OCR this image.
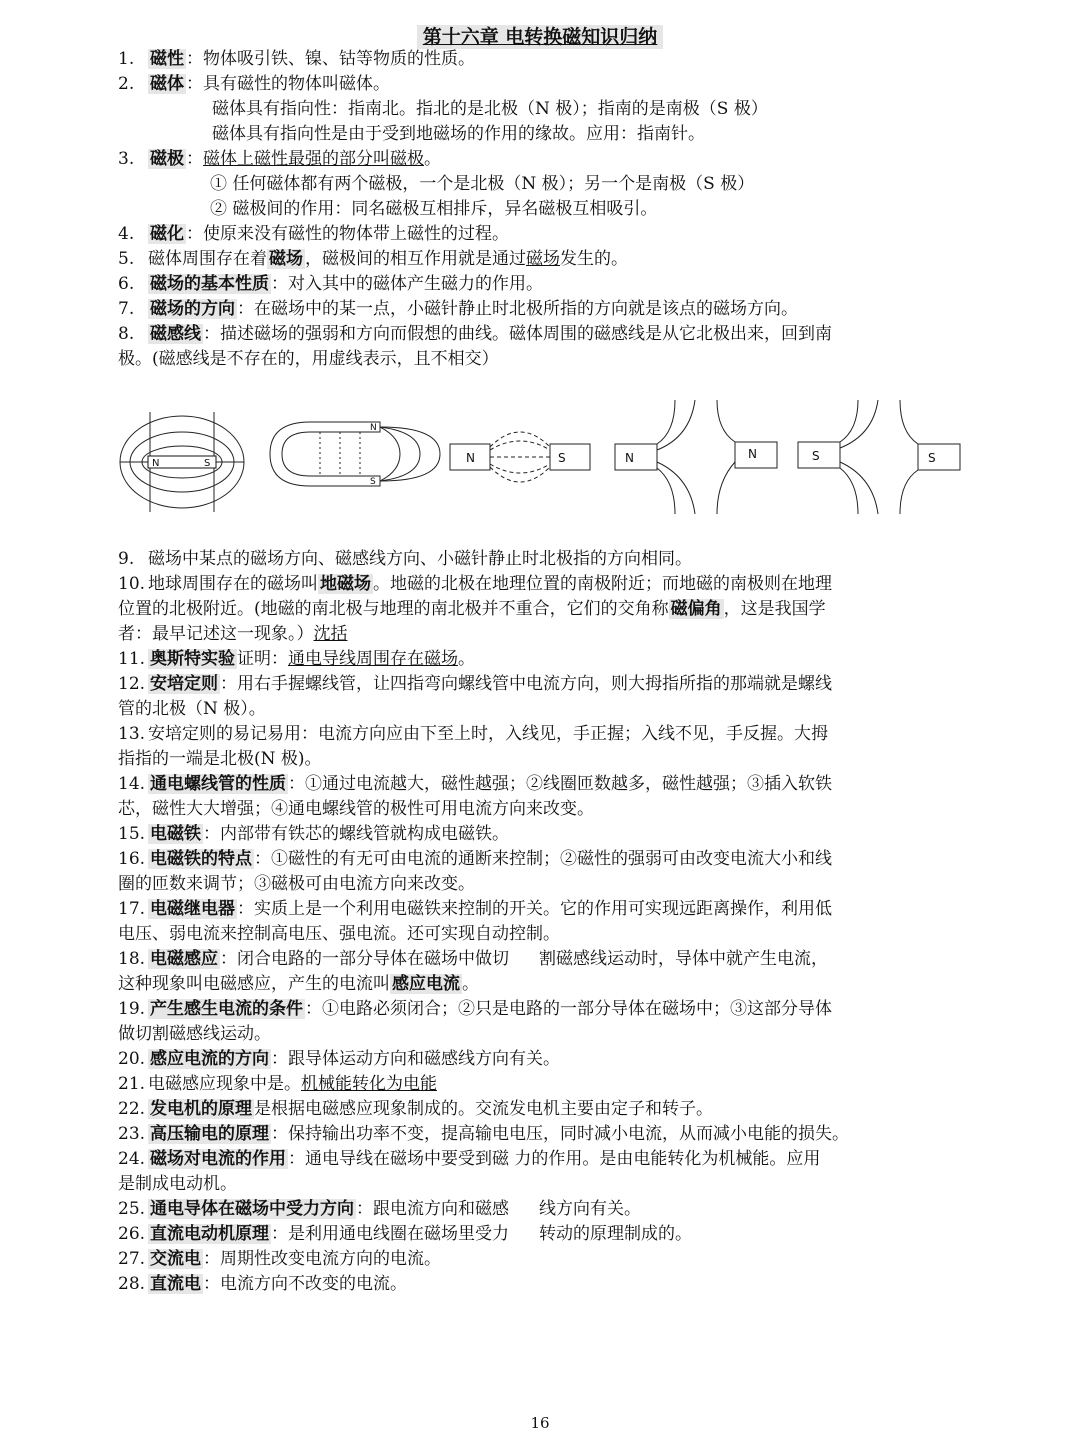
第十六章 电转换磁知识归纳
1. 磁性 ：物体吸引铁、镍、钴等物质的性质。
2. 磁体 ：具有磁性的物体叫磁体。
磁体具有指向性：指南北。指北的是北极（N 极）；指南的是南极（S 极）
磁体具有指向性是由于受到地磁场的作用的缘故。应用：指南针。
3. 磁极 ：磁体上磁性最强的部分叫磁极。
① 任何磁体都有两个磁极，一个是北极（N 极）；另一个是南极（S 极）
② 磁极间的作用：同名磁极互相排斥，异名磁极互相吸引。
4. 磁化 ：使原来没有磁性的物体带上磁性的过程。
5. 磁体周围存在着 磁场 ，磁极间的相互作用就是通过磁场发生的。
6. 磁场的基本性质 ：对入其中的磁体产生磁力的作用。
7. 磁场的方向 ：在磁场中的某一点，小磁针静止时北极所指的方向就是该点的磁场方向。
8. 磁感线 ：描述磁场的强弱和方向而假想的曲线。磁体周围的磁感线是从它北极出来，回到南
极。(磁感线是不存在的，用虚线表示，且不相交）
9. 磁场中某点的磁场方向、磁感线方向、小磁针静止时北极指的方向相同。
10. 地球周围存在的磁场叫 地磁场 。地磁的北极在地理位置的南极附近；而地磁的南极则在地理
位置的北极附近。(地磁的南北极与地理的南北极并不重合，它们的交角称 磁偏角 ，这是我国学
者：最早记述这一现象。）沈括
11. 奥斯特实验 证明：通电导线周围存在磁场。
12. 安培定则 ：用右手握螺线管，让四指弯向螺线管中电流方向，则大拇指所指的那端就是螺线
管的北极（N 极）。
13. 安培定则的易记易用：电流方向应由下至上时，入线见，手正握；入线不见，手反握。大拇
指指的一端是北极(N 极)。
14. 通电螺线管的性质 ：①通过电流越大，磁性越强；②线圈匝数越多，磁性越强；③插入软铁
芯，磁性大大增强；④通电螺线管的极性可用电流方向来改变。
15. 电磁铁 ：内部带有铁芯的螺线管就构成电磁铁。
16. 电磁铁的特点 ：①磁性的有无可由电流的通断来控制；②磁性的强弱可由改变电流大小和线
圈的匝数来调节；③磁极可由电流方向来改变。
17. 电磁继电器 ：实质上是一个利用电磁铁来控制的开关。它的作用可实现远距离操作，利用低
电压、弱电流来控制高电压、强电流。还可实现自动控制。
18. 电磁感应 ：闭合电路的一部分导体在磁场中做切 割磁感线运动时，导体中就产生电流，
这种现象叫电磁感应，产生的电流叫 感应电流 。
19. 产生感生电流的条件 ：①电路必须闭合；②只是电路的一部分导体在磁场中；③这部分导体
做切割磁感线运动。
20. 感应电流的方向 ：跟导体运动方向和磁感线方向有关。
21. 电磁感应现象中是。机械能转化为电能
22. 发电机的原理 是根据电磁感应现象制成的。交流发电机主要由定子和转子。
23. 高压输电的原理 ：保持输出功率不变，提高输电电压，同时减小电流，从而减小电能的损失。
24. 磁场对电流的作用 ：通电导线在磁场中要受到磁 力的作用。是由电能转化为机械能。应用
是制成电动机。
25. 通电导体在磁场中受力方向 ：跟电流方向和磁感 线方向有关。
26. 直流电动机原理 ：是利用通电线圈在磁场里受力 转动的原理制成的。
27. 交流电 ：周期性改变电流方向的电流。
28. 直流电 ：电流方向不改变的电流。
N	S
N
S
N	S	N	N	S	S
16
